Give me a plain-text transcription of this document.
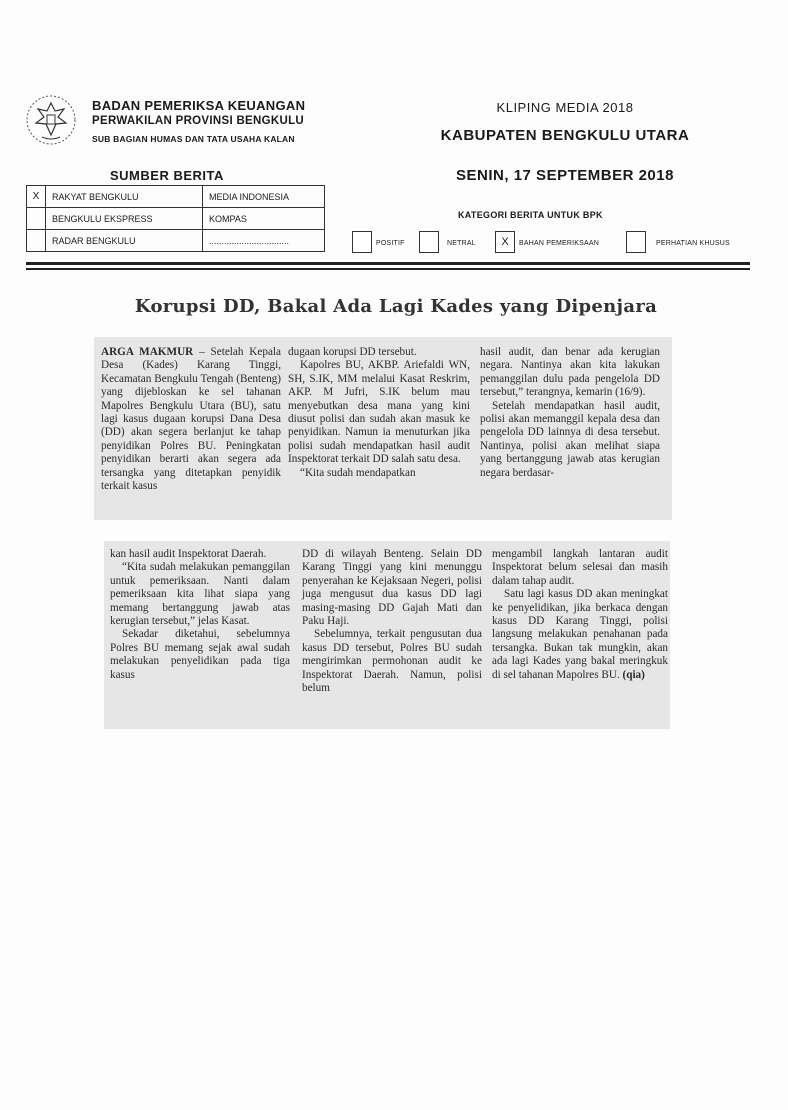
BADAN PEMERIKSA KEUANGAN
PERWAKILAN PROVINSI BENGKULU
SUB BAGIAN HUMAS DAN TATA USAHA KALAN
KLIPING MEDIA 2018
KABUPATEN BENGKULU UTARA
SENIN, 17 SEPTEMBER 2018
SUMBER BERITA
X	RAKYAT BENGKULU	MEDIA INDONESIA
	BENGKULU EKSPRESS	KOMPAS
	RADAR BENGKULU	................................
KATEGORI BERITA UNTUK BPK
POSITIF	NETRAL	X	BAHAN PEMERIKSAAN	PERHATIAN KHUSUS
Korupsi DD, Bakal Ada Lagi Kades yang Dipenjara

ARGA MAKMUR – Setelah Kepala Desa (Kades) Karang Tinggi, Kecamatan Bengkulu Tengah (Benteng) yang dijebloskan ke sel tahanan Mapolres Bengkulu Utara (BU), satu lagi kasus dugaan korupsi Dana Desa (DD) akan segera berlanjut ke tahap penyidikan Polres BU. Peningkatan penyidikan berarti akan segera ada tersangka yang ditetapkan penyidik terkait kasus

dugaan korupsi DD tersebut.

Kapolres BU, AKBP. Ariefaldi WN, SH, S.IK, MM melalui Kasat Reskrim, AKP. M Jufri, S.IK belum mau menyebutkan desa mana yang kini diusut polisi dan sudah akan masuk ke penyidikan. Namun ia menuturkan jika polisi sudah mendapatkan hasil audit Inspektorat terkait DD salah satu desa.

“Kita sudah mendapatkan

hasil audit, dan benar ada kerugian negara. Nantinya akan kita lakukan pemanggilan dulu pada pengelola DD tersebut,” terangnya, kemarin (16/9).

Setelah mendapatkan hasil audit, polisi akan memanggil kepala desa dan pengelola DD lainnya di desa tersebut. Nantinya, polisi akan melihat siapa yang bertanggung jawab atas kerugian negara berdasar-

kan hasil audit Inspektorat Daerah.

“Kita sudah melakukan pemanggilan untuk pemeriksaan. Nanti dalam pemeriksaan kita lihat siapa yang memang bertanggung jawab atas kerugian tersebut,” jelas Kasat.

Sekadar diketahui, sebelumnya Polres BU memang sejak awal sudah melakukan penyelidikan pada tiga kasus

DD di wilayah Benteng. Selain DD Karang Tinggi yang kini menunggu penyerahan ke Kejaksaan Negeri, polisi juga mengusut dua kasus DD lagi masing-masing DD Gajah Mati dan Paku Haji.

Sebelumnya, terkait pengusutan dua kasus DD tersebut, Polres BU sudah mengirimkan permohonan audit ke Inspektorat Daerah. Namun, polisi belum

mengambil langkah lantaran audit Inspektorat belum selesai dan masih dalam tahap audit.

Satu lagi kasus DD akan meningkat ke penyelidikan, jika berkaca dengan kasus DD Karang Tinggi, polisi langsung melakukan penahanan pada tersangka. Bukan tak mungkin, akan ada lagi Kades yang bakal meringkuk di sel tahanan Mapolres BU. (qia)
